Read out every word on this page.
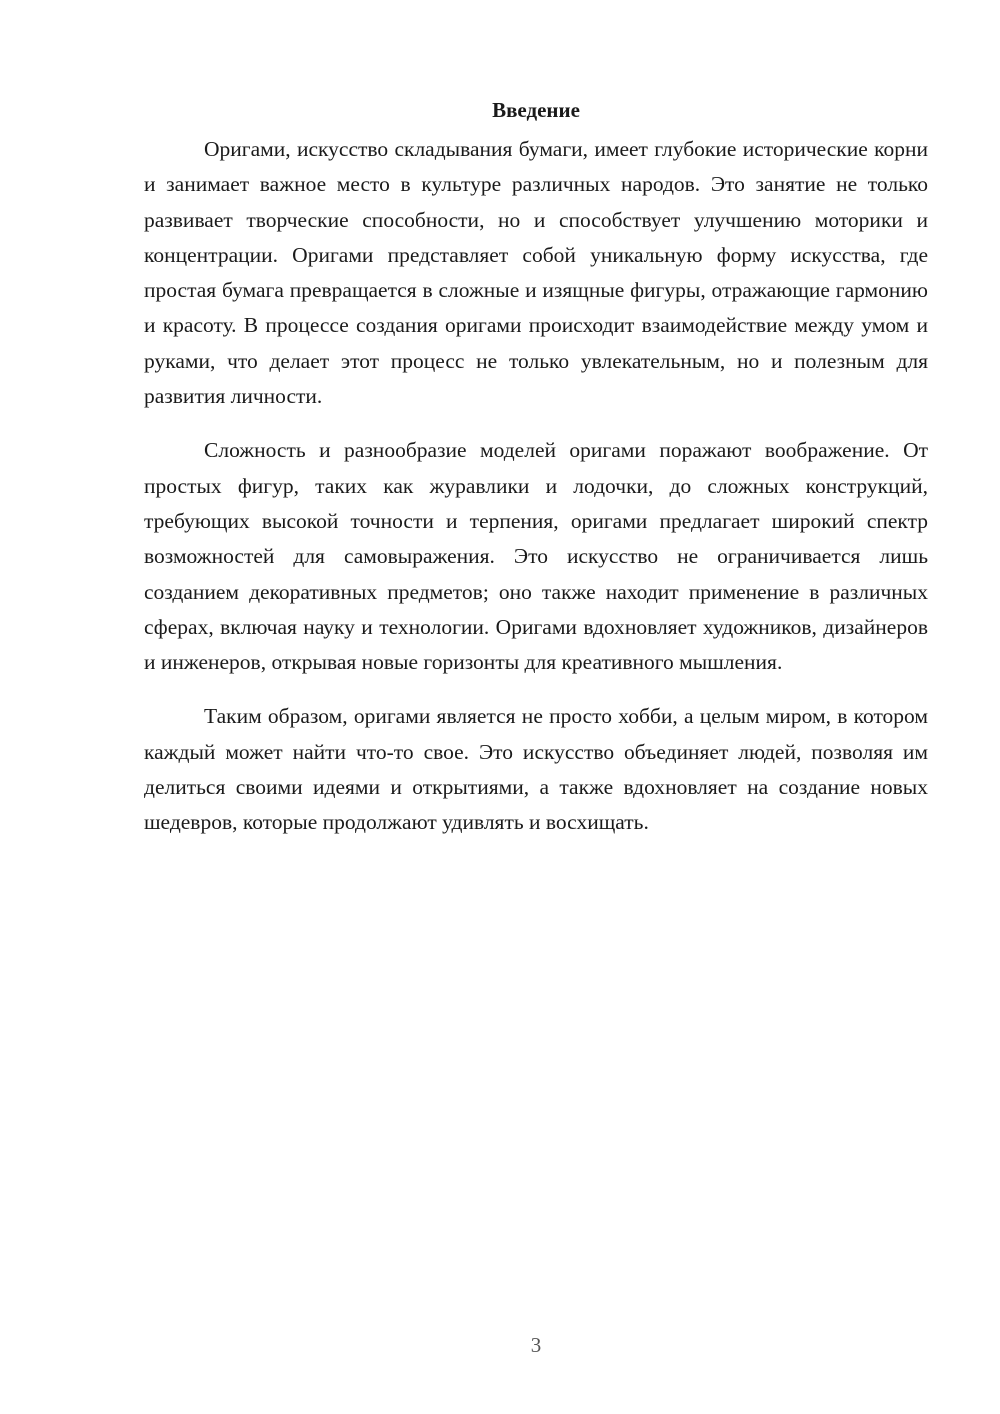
Введение

Оригами, искусство складывания бумаги, имеет глубокие исторические корни и занимает важное место в культуре различных народов. Это занятие не только развивает творческие способности, но и способствует улучшению моторики и концентрации. Оригами представляет собой уникальную форму искусства, где простая бумага превращается в сложные и изящные фигуры, отражающие гармонию и красоту. В процессе создания оригами происходит взаимодействие между умом и руками, что делает этот процесс не только увлекательным, но и полезным для развития личности.

Сложность и разнообразие моделей оригами поражают воображение. От простых фигур, таких как журавлики и лодочки, до сложных конструкций, требующих высокой точности и терпения, оригами предлагает широкий спектр возможностей для самовыражения. Это искусство не ограничивается лишь созданием декоративных предметов; оно также находит применение в различных сферах, включая науку и технологии. Оригами вдохновляет художников, дизайнеров и инженеров, открывая новые горизонты для креативного мышления.

Таким образом, оригами является не просто хобби, а целым миром, в котором каждый может найти что-то свое. Это искусство объединяет людей, позволяя им делиться своими идеями и открытиями, а также вдохновляет на создание новых шедевров, которые продолжают удивлять и восхищать.

3
